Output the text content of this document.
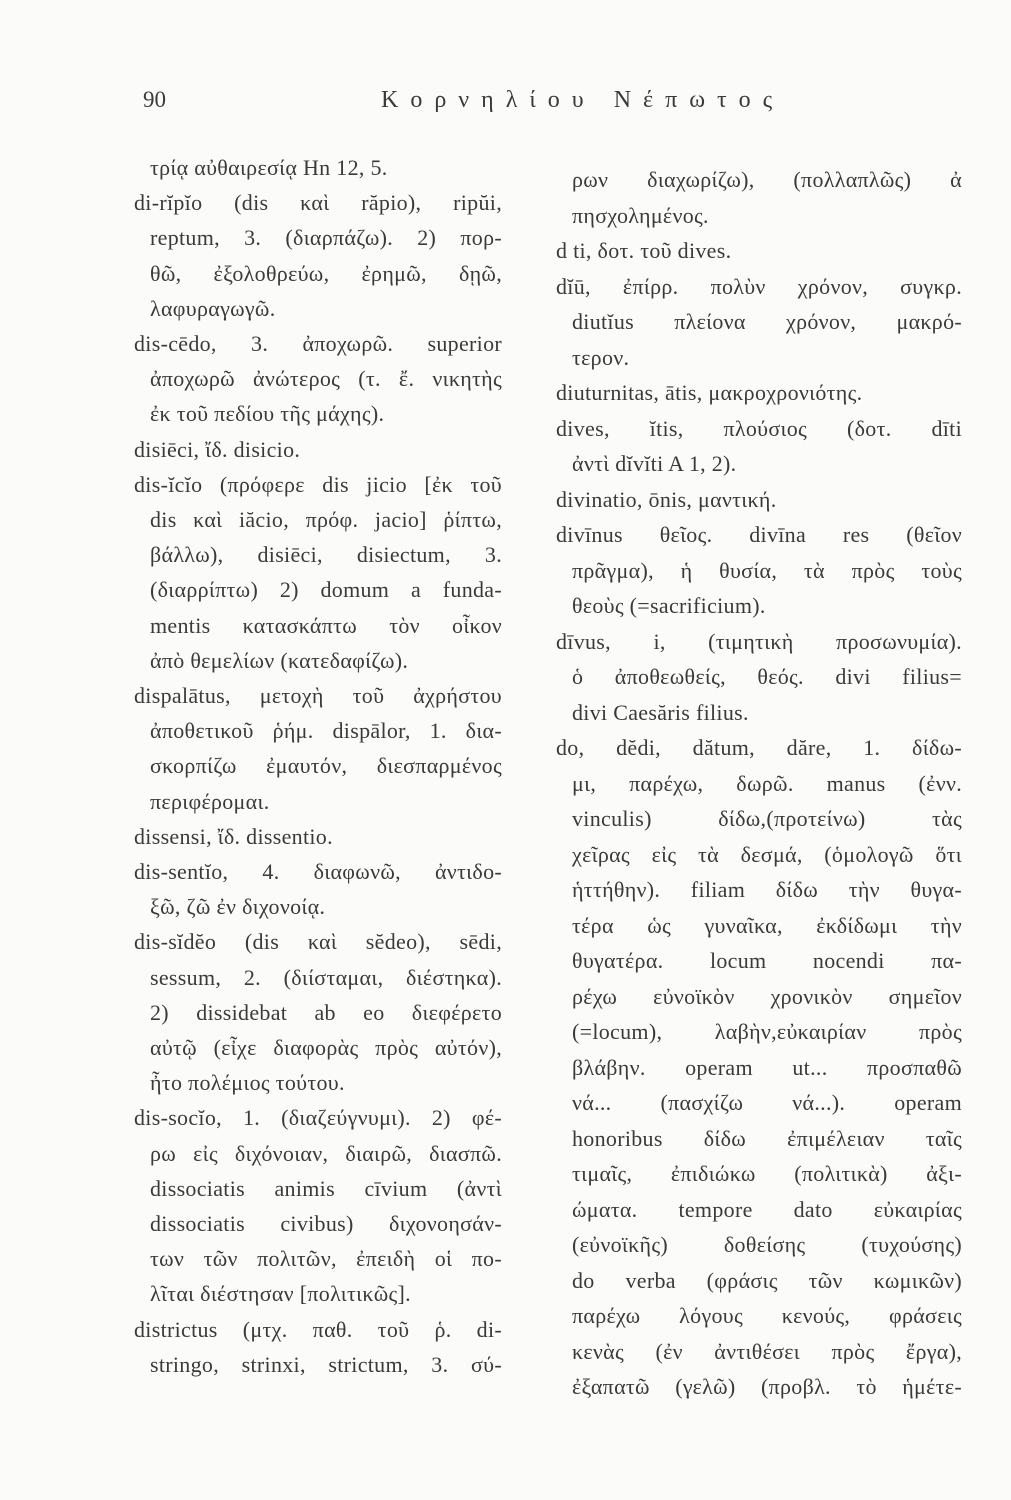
90	Κορνηλίου Νέπωτος
τρίᾳ αὐθαιρεσίᾳ Hn 12, 5.
di-rĭpĭo (dis καὶ răpio), ripŭi,
reptum, 3. (διαρπάζω). 2) πορ-
θῶ, ἐξολοθρεύω, ἐρημῶ, δῃῶ,
λαφυραγωγῶ.
dis-cēdo, 3. ἀποχωρῶ. superior
ἀποχωρῶ ἀνώτερος (τ. ἔ. νικητὴς
ἐκ τοῦ πεδίου τῆς μάχης).
disiēci, ἴδ. disicio.
dis-ĭcĭo (πρόφερε dis jicio [ἐκ τοῦ
dis καὶ iăcio, πρόφ. jacio] ῥίπτω,
βάλλω), disiēci, disiectum, 3.
(διαρρίπτω) 2) domum a funda-
mentis κατασκάπτω τὸν οἶκον
ἀπὸ θεμελίων (κατεδαφίζω).
dispalātus, μετοχὴ τοῦ ἀχρήστου
ἀποθετικοῦ ῥήμ. dispālor, 1. δια-
σκορπίζω ἐμαυτόν, διεσπαρμένος
περιφέρομαι.
dissensi, ἴδ. dissentio.
dis-sentĭo, 4. διαφωνῶ, ἀντιδο-
ξῶ, ζῶ ἐν διχονοίᾳ.
dis-sĭdĕo (dis καὶ sĕdeo), sēdi,
sessum, 2. (διίσταμαι, διέστηκα).
2) dissidebat ab eo διεφέρετο
αὐτῷ (εἶχε διαφορὰς πρὸς αὐτόν),
ἦτο πολέμιος τούτου.
dis-socĭo, 1. (διαζεύγνυμι). 2) φέ-
ρω εἰς διχόνοιαν, διαιρῶ, διασπῶ.
dissociatis animis cīvium (ἀντὶ
dissociatis civibus) διχονοησάν-
των τῶν πολιτῶν, ἐπειδὴ οἱ πο-
λῖται διέστησαν [πολιτικῶς].
districtus (μτχ. παθ. τοῦ ῥ. di-
stringo, strinxi, strictum, 3. σύ-
ρων διαχωρίζω), (πολλαπλῶς) ἀ
πησχολημένος.
d ti, δοτ. τοῦ dives.
dĭū, ἐπίρρ. πολὺν χρόνον, συγκρ.
diutĭus πλείονα χρόνον, μακρό-
τερον.
diuturnitas, ātis, μακροχρονιότης.
dives, ĭtis, πλούσιος (δοτ. dīti
ἀντὶ dĭvĭti A 1, 2).
divinatio, ōnis, μαντική.
divīnus θεῖος. divīna res (θεῖον
πρᾶγμα), ἡ θυσία, τὰ πρὸς τοὺς
θεοὺς (=sacrificium).
dīvus, i, (τιμητικὴ προσωνυμία).
ὁ ἀποθεωθείς, θεός. divi filius=
divi Caesăris filius.
do, dĕdi, dătum, dăre, 1. δίδω-
μι, παρέχω, δωρῶ. manus (ἐνν.
vinculis) δίδω,(προτείνω) τὰς
χεῖρας εἰς τὰ δεσμά, (ὁμολογῶ ὅτι
ἡττήθην). filiam δίδω τὴν θυγα-
τέρα ὡς γυναῖκα, ἐκδίδωμι τὴν
θυγατέρα. locum nocendi πα-
ρέχω εὐνοϊκὸν χρονικὸν σημεῖον
(=locum), λαβὴν,εὐκαιρίαν πρὸς
βλάβην. operam ut... προσπαθῶ
νά... (πασχίζω νά...). operam
honoribus δίδω ἐπιμέλειαν ταῖς
τιμαῖς, ἐπιδιώκω (πολιτικὰ) ἀξι-
ώματα. tempore dato εὐκαιρίας
(εὐνοϊκῆς) δοθείσης (τυχούσης)
do verba (φράσις τῶν κωμικῶν)
παρέχω λόγους κενούς, φράσεις
κενὰς (ἐν ἀντιθέσει πρὸς ἔργα),
ἐξαπατῶ (γελῶ) (προβλ. τὸ ἡμέτε-
